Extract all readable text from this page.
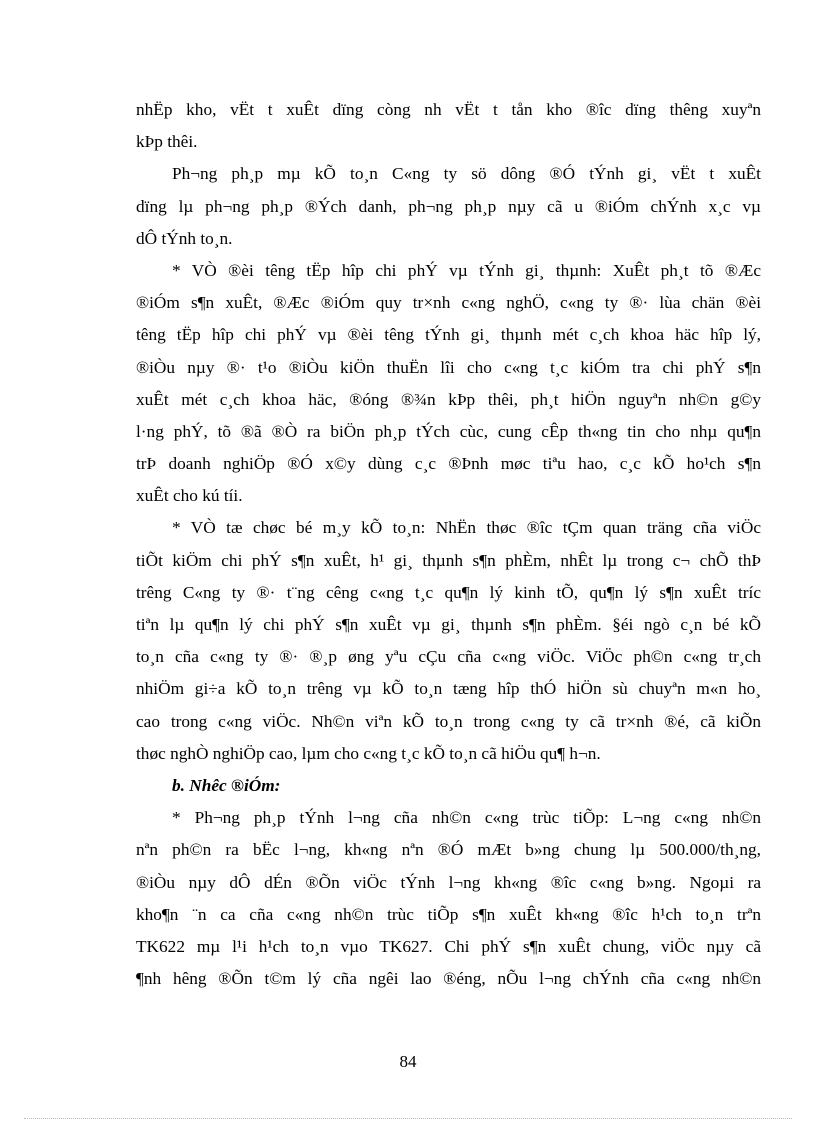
nhËp kho, vËt t xuÊt dïng còng nh vËt t tån kho ®îc dïng thêng xuyªn
kÞp thêi.
Ph¬ng ph¸p mµ kÕ to¸n C«ng ty sö dông ®Ó tÝnh gi¸ vËt t xuÊt
dïng lµ ph¬ng ph¸p ®Ých danh, ph¬ng ph¸p nµy cã u ®iÓm chÝnh x¸c vµ
dÔ tÝnh to¸n.
* VÒ ®èi têng tËp hîp chi phÝ vµ tÝnh gi¸ thµnh: XuÊt ph¸t tõ ®Æc
®iÓm s¶n xuÊt, ®Æc ®iÓm quy tr×nh c«ng nghÖ, c«ng ty ®· lùa chän ®èi
têng tËp hîp chi phÝ vµ ®èi têng tÝnh gi¸ thµnh mét c¸ch khoa häc hîp lý,
®iÒu nµy ®· t¹o ®iÒu kiÖn thuËn lîi cho c«ng t¸c kiÓm tra chi phÝ s¶n
xuÊt mét c¸ch khoa häc, ®óng ®¾n kÞp thêi, ph¸t hiÖn nguyªn nh©n g©y
l·ng phÝ, tõ ®ã ®Ò ra biÖn ph¸p tÝch cùc, cung cÊp th«ng tin cho nhµ qu¶n
trÞ doanh nghiÖp ®Ó x©y dùng c¸c ®Þnh møc tiªu hao, c¸c kÕ ho¹ch s¶n
xuÊt cho kú tíi.
* VÒ tæ chøc bé m¸y kÕ to¸n: NhËn thøc ®îc tÇm quan träng cña viÖc
tiÕt kiÖm chi phÝ s¶n xuÊt, h¹ gi¸ thµnh s¶n phÈm, nhÊt lµ trong c¬ chÕ thÞ
trêng C«ng ty ®· t¨ng cêng c«ng t¸c qu¶n lý kinh tÕ, qu¶n lý s¶n xuÊt tríc
tiªn lµ qu¶n lý chi phÝ s¶n xuÊt vµ gi¸ thµnh s¶n phÈm. §éi ngò c¸n bé kÕ
to¸n cña c«ng ty ®· ®¸p øng yªu cÇu cña c«ng viÖc. ViÖc ph©n c«ng tr¸ch
nhiÖm gi÷a kÕ to¸n trêng vµ kÕ to¸n tæng hîp thÓ hiÖn sù chuyªn m«n ho¸
cao trong c«ng viÖc. Nh©n viªn kÕ to¸n trong c«ng ty cã tr×nh ®é, cã kiÕn
thøc nghÒ nghiÖp cao, lµm cho c«ng t¸c kÕ to¸n cã hiÖu qu¶ h¬n.
b. Nhêc ®iÓm:
* Ph¬ng ph¸p tÝnh l¬ng cña nh©n c«ng trùc tiÕp: L¬ng c«ng nh©n
nªn ph©n ra bËc l¬ng, kh«ng nªn ®Ó mÆt b»ng chung lµ 500.000/th¸ng,
®iÒu nµy dÔ dÉn ®Õn viÖc tÝnh l¬ng kh«ng ®îc c«ng b»ng. Ngoµi ra
kho¶n ¨n ca cña c«ng nh©n trùc tiÕp s¶n xuÊt kh«ng ®îc h¹ch to¸n trªn
TK622 mµ l¹i h¹ch to¸n vµo TK627. Chi phÝ s¶n xuÊt chung, viÖc nµy cã
¶nh hêng ®Õn t©m lý cña ngêi lao ®éng, nÕu l¬ng chÝnh cña c«ng nh©n
84
